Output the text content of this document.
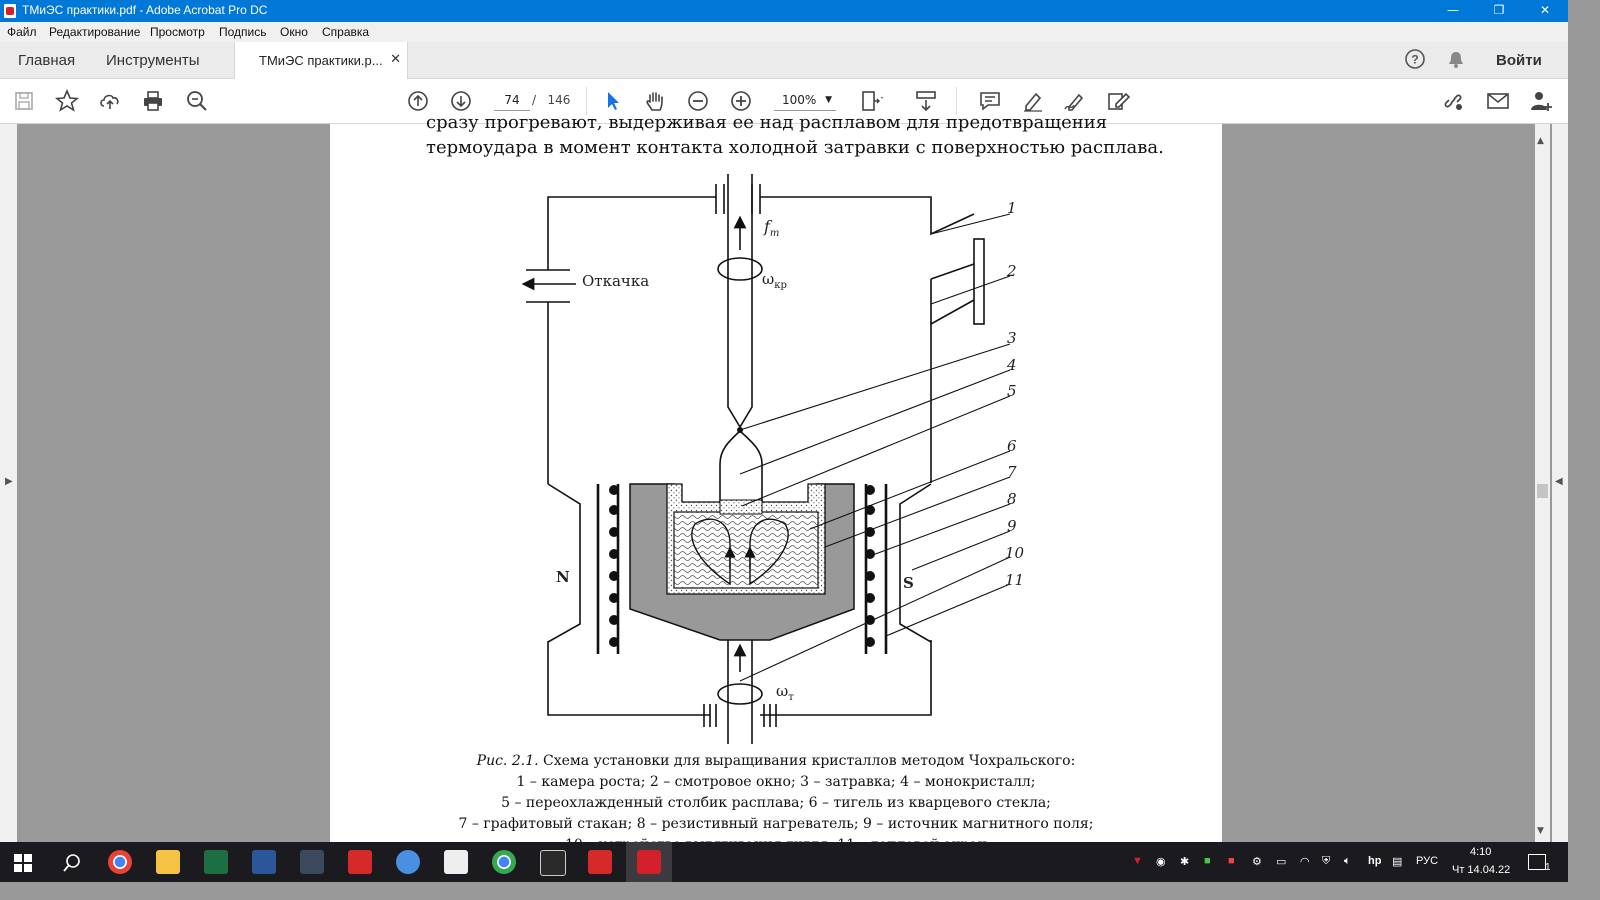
ТМиЭС практики.pdf - Adobe Acrobat Pro DC	—	❐	✕
Файл Редактирование Просмотр Подпись Окно Справка
Главная Инструменты	ТМиЭС практики.р... ✕	?	Войти
74	/ 146	100% ▼
▶
▲
▼
◀
сразу прогревают, выдерживая ее над расплавом для предотвращения
термоудара в момент контакта холодной затравки с поверхностью расплава.
Откачка
$f_т$
$\omega_{кр}$
$\omega_т$
N	S
1
2
3
4
5
6
7
8
9
10
11
Рис. 2.1. Схема установки для выращивания кристаллов методом Чохральского:
1 – камера роста; 2 – смотровое окно; 3 – затравка; 4 – монокристалл;
5 – переохлажденный столбик расплава; 6 – тигель из кварцевого стекла;
7 – графитовый стакан; 8 – резистивный нагреватель; 9 – источник магнитного поля;
▼ ◉ ✱ ■ ■ ⚙ ▭ ◠ ⛨ 🔈︎ hp ▤ РУС
4:10
Чт 14.04.22	1
